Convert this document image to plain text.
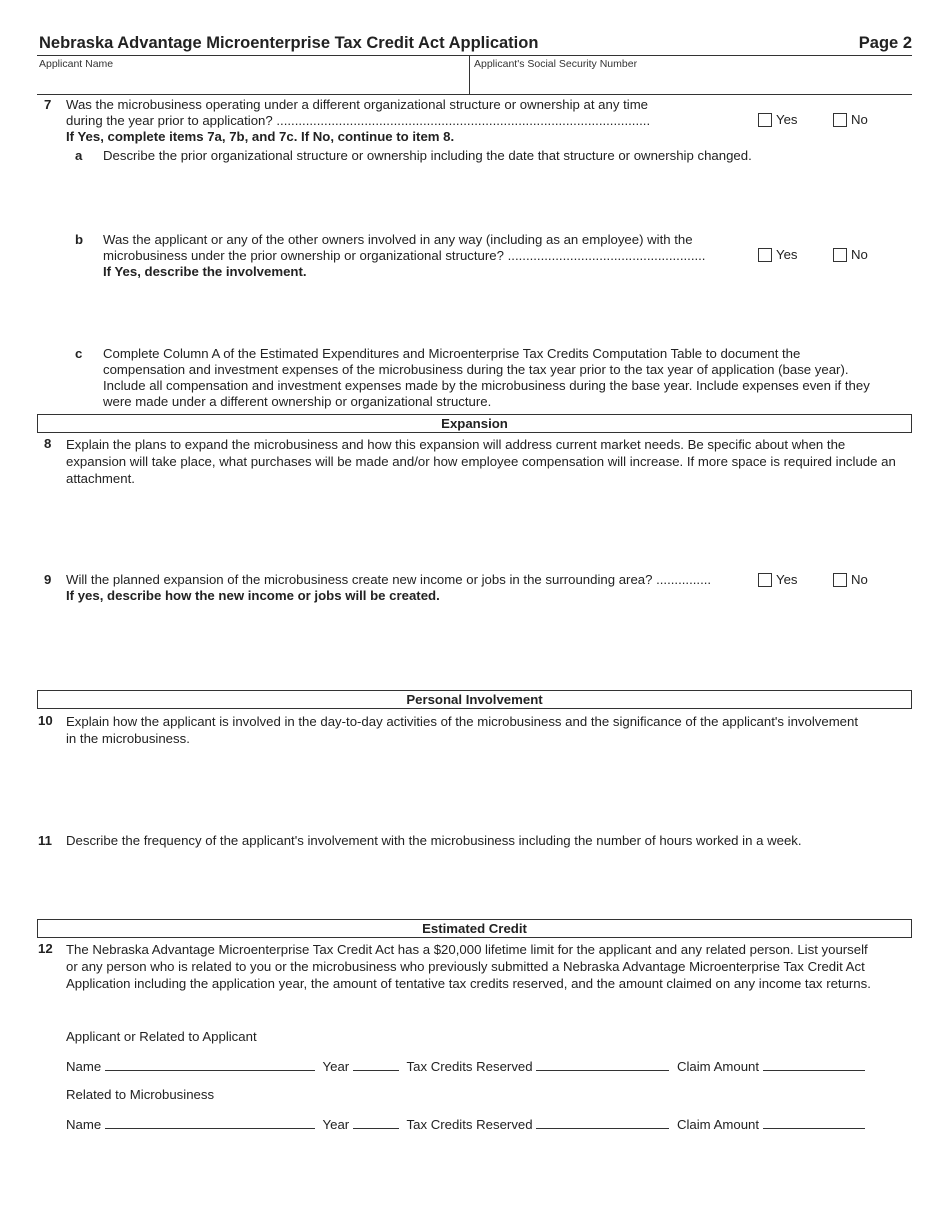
Nebraska Advantage Microenterprise Tax Credit Act Application	Page 2
Applicant Name	Applicant's Social Security Number
7 Was the microbusiness operating under a different organizational structure or ownership at any time
during the year prior to application? ......................................................................................................
If Yes, complete items 7a, 7b, and 7c. If No, continue to item 8.
Yes	No
a Describe the prior organizational structure or ownership including the date that structure or ownership changed.
b Was the applicant or any of the other owners involved in any way (including as an employee) with the
microbusiness under the prior ownership or organizational structure? ......................................................
If Yes, describe the involvement.
Yes	No
c Complete Column A of the Estimated Expenditures and Microenterprise Tax Credits Computation Table to document the compensation and investment expenses of the microbusiness during the tax year prior to the tax year of application (base year). Include all compensation and investment expenses made by the microbusiness during the base year. Include expenses even if they were made under a different ownership or organizational structure.
Expansion
8 Explain the plans to expand the microbusiness and how this expansion will address current market needs. Be specific about when the expansion will take place, what purchases will be made and/or how employee compensation will increase. If more space is required include an attachment.
9 Will the planned expansion of the microbusiness create new income or jobs in the surrounding area? ...............
If yes, describe how the new income or jobs will be created.
Yes	No
Personal Involvement
10 Explain how the applicant is involved in the day-to-day activities of the microbusiness and the significance of the applicant's involvement in the microbusiness.
11 Describe the frequency of the applicant's involvement with the microbusiness including the number of hours worked in a week.
Estimated Credit
12 The Nebraska Advantage Microenterprise Tax Credit Act has a $20,000 lifetime limit for the applicant and any related person. List yourself or any person who is related to you or the microbusiness who previously submitted a Nebraska Advantage Microenterprise Tax Credit Act Application including the application year, the amount of tentative tax credits reserved, and the amount claimed on any income tax returns.
Applicant or Related to Applicant
Name	Year	Tax Credits Reserved	Claim Amount
Related to Microbusiness
Name	Year	Tax Credits Reserved	Claim Amount
